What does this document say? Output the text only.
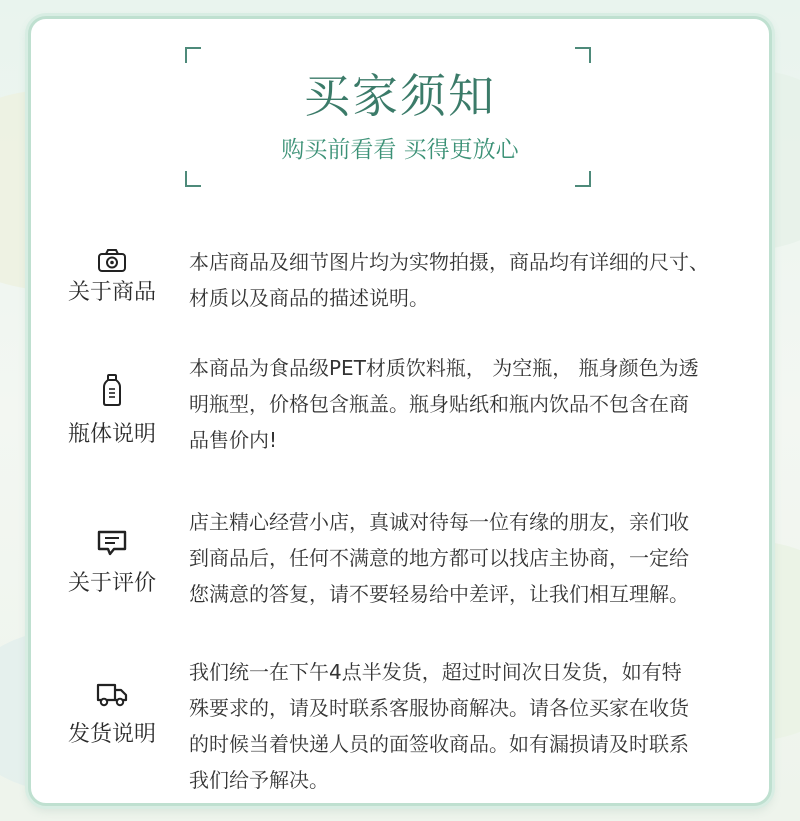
买家须知
购买前看看 买得更放心
关于商品

本店商品及细节图片均为实物拍摄，商品均有详细的尺寸、

材质以及商品的描述说明。

瓶体说明

本商品为食品级PET材质饮料瓶， 为空瓶， 瓶身颜色为透

明瓶型，价格包含瓶盖。瓶身贴纸和瓶内饮品不包含在商

品售价内!

关于评价

店主精心经营小店，真诚对待每一位有缘的朋友，亲们收

到商品后，任何不满意的地方都可以找店主协商，一定给

您满意的答复，请不要轻易给中差评，让我们相互理解。

发货说明

我们统一在下午4点半发货，超过时间次日发货，如有特

殊要求的，请及时联系客服协商解决。请各位买家在收货

的时候当着快递人员的面签收商品。如有漏损请及时联系

我们给予解决。
